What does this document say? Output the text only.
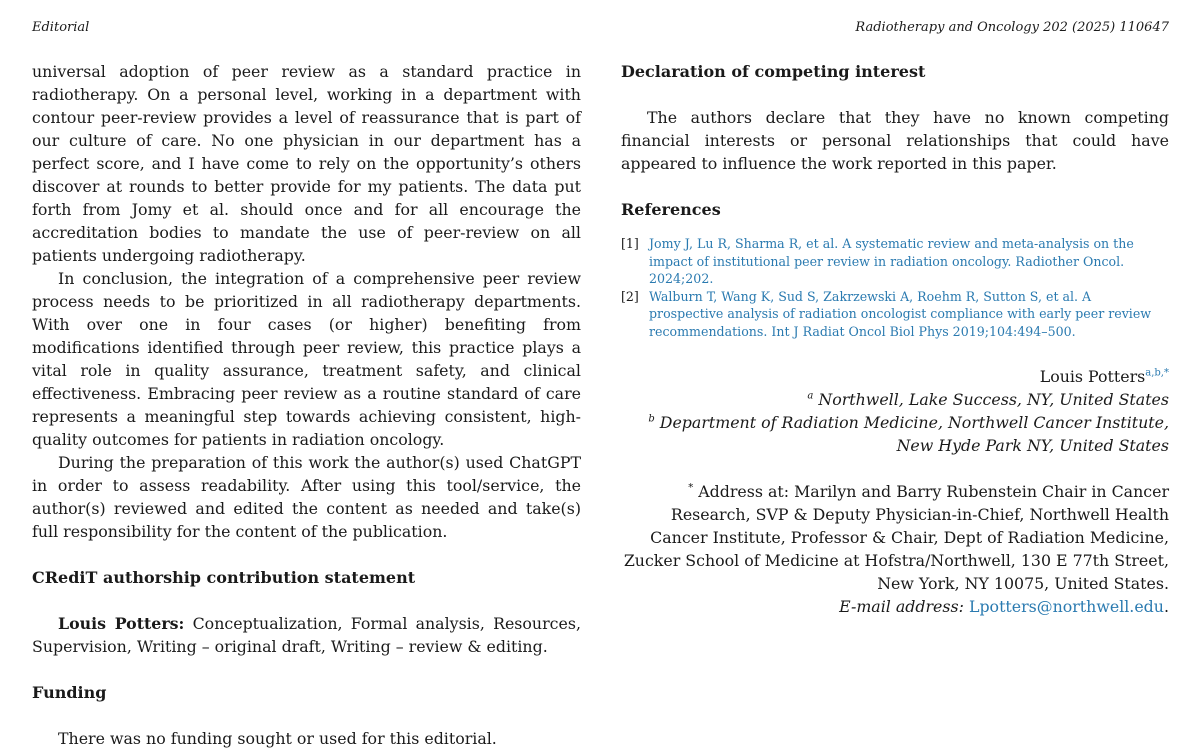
Editorial	Radiotherapy and Oncology 202 (2025) 110647

universal adoption of peer review as a standard practice in radiotherapy. On a personal level, working in a department with contour peer-review provides a level of reassurance that is part of our culture of care. No one physician in our department has a perfect score, and I have come to rely on the opportunity’s others discover at rounds to better provide for my patients. The data put forth from Jomy et al. should once and for all encourage the accreditation bodies to mandate the use of peer-review on all patients undergoing radiotherapy.

In conclusion, the integration of a comprehensive peer review process needs to be prioritized in all radiotherapy departments. With over one in four cases (or higher) benefiting from modifications identified through peer review, this practice plays a vital role in quality assurance, treatment safety, and clinical effectiveness. Embracing peer review as a routine standard of care represents a meaningful step towards achieving consistent, high-quality outcomes for patients in radiation oncology.

During the preparation of this work the author(s) used ChatGPT in order to assess readability. After using this tool/service, the author(s) reviewed and edited the content as needed and take(s) full responsibility for the content of the publication.

CRediT authorship contribution statement

Louis Potters: Conceptualization, Formal analysis, Resources, Supervision, Writing – original draft, Writing – review & editing.

Funding

There was no funding sought or used for this editorial.

Declaration of competing interest

The authors declare that they have no known competing financial interests or personal relationships that could have appeared to influence the work reported in this paper.

References
[1] Jomy J, Lu R, Sharma R, et al. A systematic review and meta-analysis on the impact of institutional peer review in radiation oncology. Radiother Oncol. 2024;202.
[2] Walburn T, Wang K, Sud S, Zakrzewski A, Roehm R, Sutton S, et al. A prospective analysis of radiation oncologist compliance with early peer review recommendations. Int J Radiat Oncol Biol Phys 2019;104:494–500.
Louis Potters$^{a,b,*}$
$^a$ Northwell, Lake Success, NY, United States
$^b$ Department of Radiation Medicine, Northwell Cancer Institute, New Hyde Park NY, United States
* Address at: Marilyn and Barry Rubenstein Chair in Cancer Research, SVP & Deputy Physician-in-Chief, Northwell Health Cancer Institute, Professor & Chair, Dept of Radiation Medicine, Zucker School of Medicine at Hofstra/Northwell, 130 E 77th Street, New York, NY 10075, United States.
E-mail address: Lpotters@northwell.edu.
